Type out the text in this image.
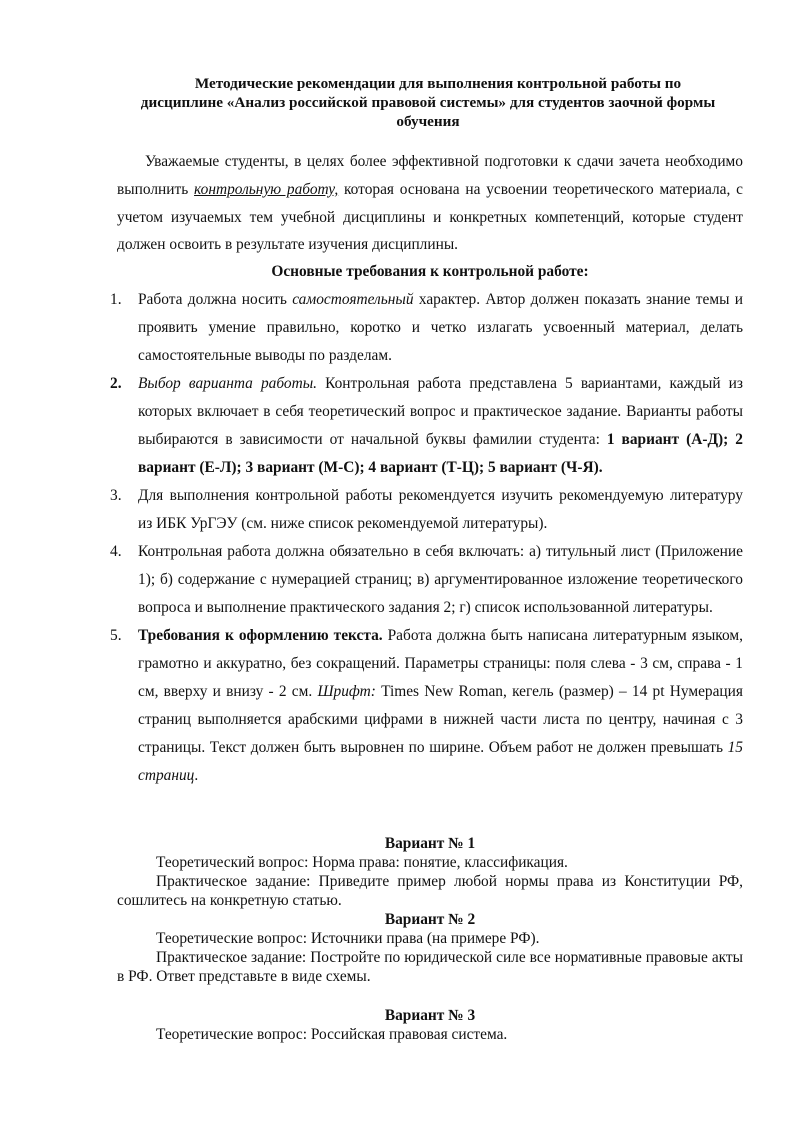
Методические рекомендации для выполнения контрольной работы по
дисциплине «Анализ российской правовой системы» для студентов заочной формы
обучения

Уважаемые студенты, в целях более эффективной подготовки к сдачи зачета необходимо выполнить контрольную работу, которая основана на усвоении теоретического материала, с учетом изучаемых тем учебной дисциплины и конкретных компетенций, которые студент должен освоить в результате изучения дисциплины.

Основные требования к контрольной работе:
1. Работа должна носить самостоятельный характер. Автор должен показать знание темы и проявить умение правильно, коротко и четко излагать усвоенный материал, делать самостоятельные выводы по разделам.
2. Выбор варианта работы. Контрольная работа представлена 5 вариантами, каждый из которых включает в себя теоретический вопрос и практическое задание. Варианты работы выбираются в зависимости от начальной буквы фамилии студента: 1 вариант (А-Д); 2 вариант (Е-Л); 3 вариант (М-С); 4 вариант (Т-Ц); 5 вариант (Ч-Я).
3. Для выполнения контрольной работы рекомендуется изучить рекомендуемую литературу из ИБК УрГЭУ (см. ниже список рекомендуемой литературы).
4. Контрольная работа должна обязательно в себя включать: а) титульный лист (Приложение 1); б) содержание с нумерацией страниц; в) аргументированное изложение теоретического вопроса и выполнение практического задания 2; г) список использованной литературы.
5. Требования к оформлению текста. Работа должна быть написана литературным языком, грамотно и аккуратно, без сокращений. Параметры страницы: поля слева - 3 см, справа - 1 см, вверху и внизу - 2 см. Шрифт: Times New Roman, кегель (размер) – 14 pt Нумерация страниц выполняется арабскими цифрами в нижней части листа по центру, начиная с 3 страницы. Текст должен быть выровнен по ширине. Объем работ не должен превышать 15 страниц.

Вариант № 1

Теоретический вопрос: Норма права: понятие, классификация.

Практическое задание: Приведите пример любой нормы права из Конституции РФ, сошлитесь на конкретную статью.

Вариант № 2

Теоретические вопрос: Источники права (на примере РФ).

Практическое задание: Постройте по юридической силе все нормативные правовые акты в РФ. Ответ представьте в виде схемы.

Вариант № 3

Теоретические вопрос: Российская правовая система.
